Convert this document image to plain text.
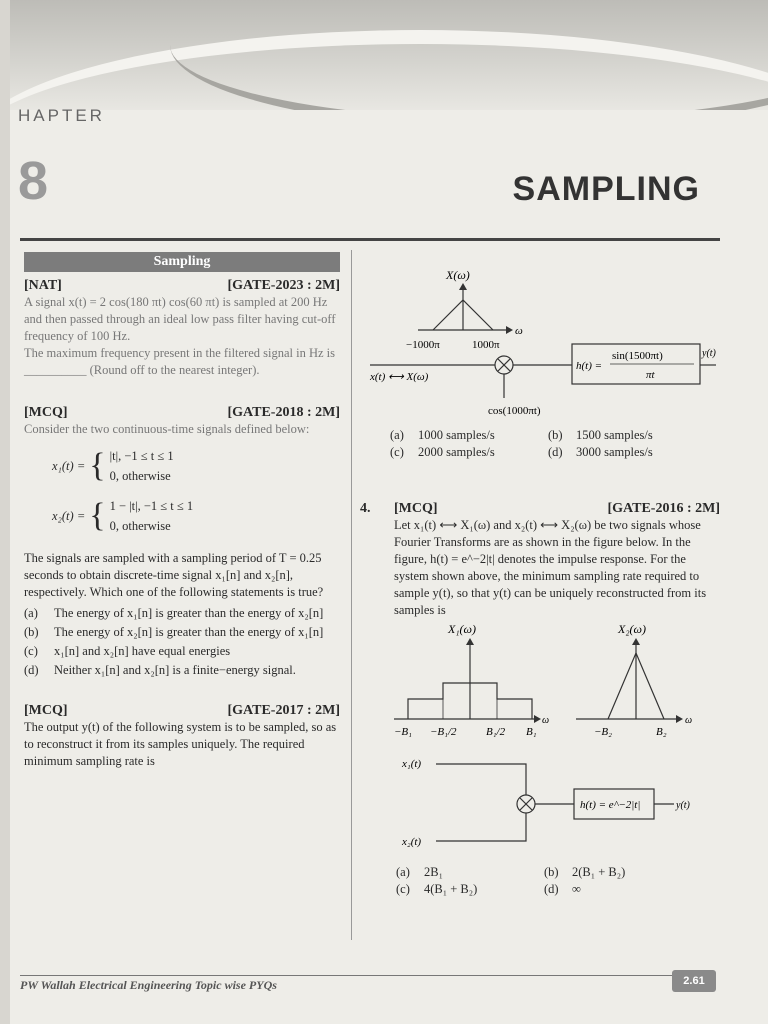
HAPTER
8	SAMPLING
Sampling
[NAT]	[GATE-2023 : 2M]
A signal x(t) = 2 cos(180 πt) cos(60 πt) is sampled at 200 Hz and then passed through an ideal low pass filter having cut-off frequency of 100 Hz.
The maximum frequency present in the filtered signal in Hz is __________ (Round off to the nearest integer).
[MCQ]	[GATE-2018 : 2M]
Consider the two continuous-time signals defined below:
x₁(t) = { |t|, −1 ≤ t ≤ 1
0, otherwise
x₂(t) = { 1 − |t|, −1 ≤ t ≤ 1
0, otherwise
The signals are sampled with a sampling period of T = 0.25 seconds to obtain discrete-time signal x₁[n] and x₂[n], respectively. Which one of the following statements is true?
(a)	The energy of x₁[n] is greater than the energy of x₂[n]
(b)	The energy of x₂[n] is greater than the energy of x₁[n]
(c)	x₁[n] and x₂[n] have equal energies
(d)	Neither x₁[n] and x₂[n] is a finite−energy signal.
[MCQ]	[GATE-2017 : 2M]
The output y(t) of the following system is to be sampled, so as to reconstruct it from its samples uniquely. The required minimum sampling rate is
X(ω)
ω
−1000π	1000π
x(t) ⟷ X(ω)
cos(1000πt)
h(t) =
sin(1500πt)
πt
y(t)
(a)	1000 samples/s	(b)	1500 samples/s
(c)	2000 samples/s	(d)	3000 samples/s
4.	[MCQ]	[GATE-2016 : 2M]
Let x₁(t) ⟷ X₁(ω) and x₂(t) ⟷ X₂(ω) be two signals whose Fourier Transforms are as shown in the figure below. In the figure, h(t) = e^−2|t| denotes the impulse response. For the system shown above, the minimum sampling rate required to sample y(t), so that y(t) can be uniquely reconstructed from its samples is
X₁(ω)
ω
−B₁ −B₁/2	B₁/2 B₁
X₂(ω)
ω
−B₂	B₂
x₁(t)
x₂(t)
h(t) = e^−2|t|	y(t)
(a)	2B₁	(b)	2(B₁ + B₂)
(c)	4(B₁ + B₂)	(d)	∞
PW Wallah Electrical Engineering Topic wise PYQs	2.61
